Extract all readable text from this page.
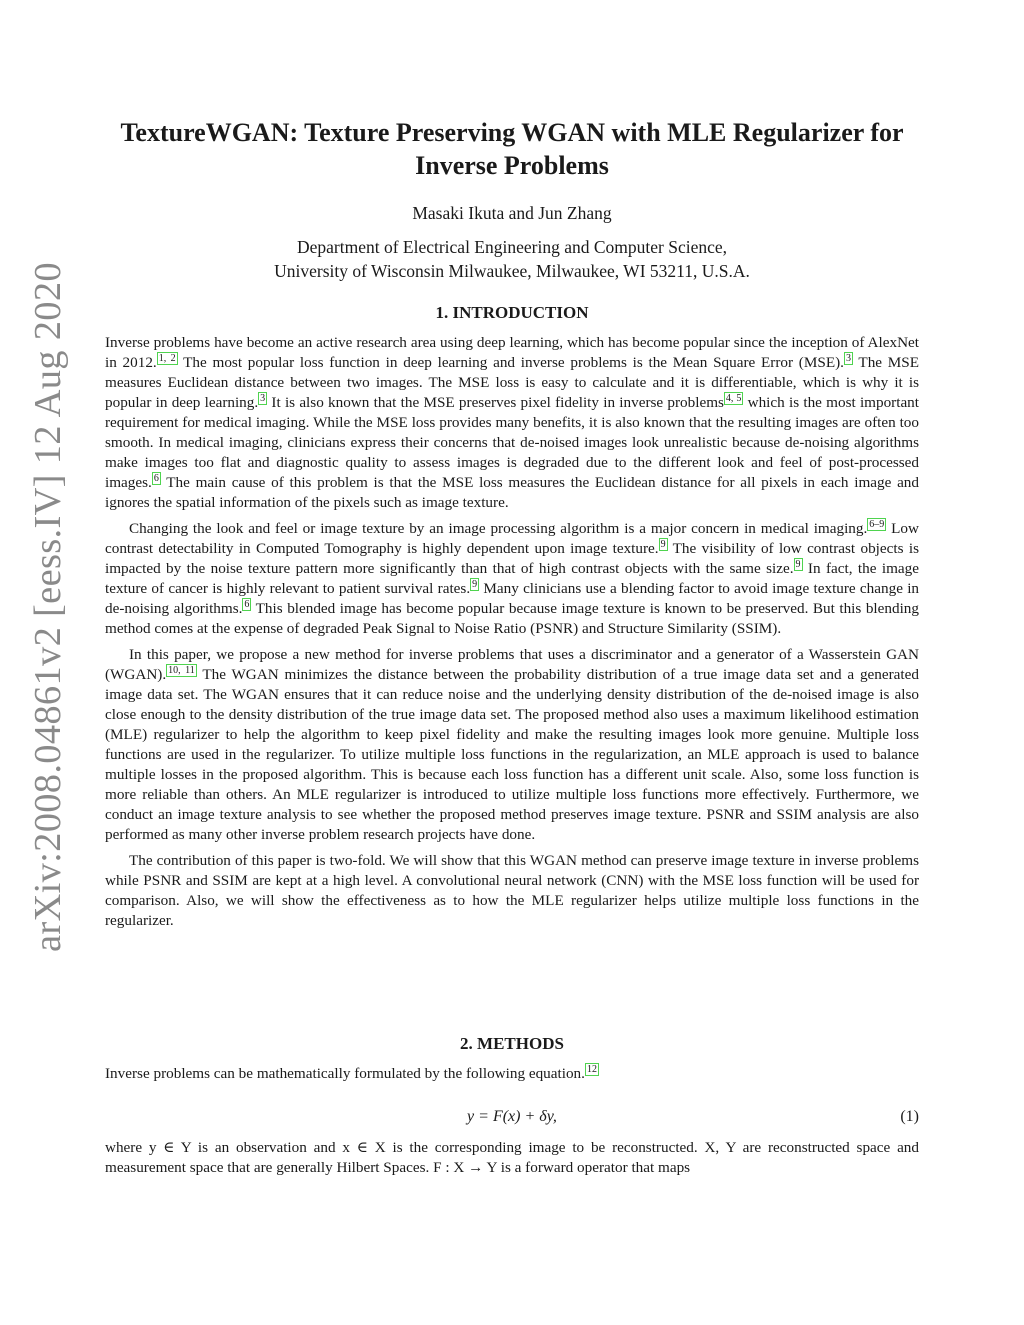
arXiv:2008.04861v2 [eess.IV] 12 Aug 2020
TextureWGAN: Texture Preserving WGAN with MLE Regularizer for Inverse Problems
Masaki Ikuta and Jun Zhang
Department of Electrical Engineering and Computer Science,
University of Wisconsin Milwaukee, Milwaukee, WI 53211, U.S.A.
1. INTRODUCTION

Inverse problems have become an active research area using deep learning, which has become popular since the inception of AlexNet in 2012. $^{1, 2}$ The most popular loss function in deep learning and inverse problems is the Mean Square Error (MSE). $^3$ The MSE measures Euclidean distance between two images. The MSE loss is easy to calculate and it is differentiable, which is why it is popular in deep learning. $^3$ It is also known that the MSE preserves pixel fidelity in inverse problems $^{4, 5}$ which is the most important requirement for medical imaging. While the MSE loss provides many benefits, it is also known that the resulting images are often too smooth. In medical imaging, clinicians express their concerns that de-noised images look unrealistic because de-noising algorithms make images too flat and diagnostic quality to assess images is degraded due to the different look and feel of post-processed images. $^6$ The main cause of this problem is that the MSE loss measures the Euclidean distance for all pixels in each image and ignores the spatial information of the pixels such as image texture.

Changing the look and feel or image texture by an image processing algorithm is a major concern in medical imaging. $^{6-9}$ Low contrast detectability in Computed Tomography is highly dependent upon image texture. $^9$ The visibility of low contrast objects is impacted by the noise texture pattern more significantly than that of high contrast objects with the same size. $^9$ In fact, the image texture of cancer is highly relevant to patient survival rates. $^9$ Many clinicians use a blending factor to avoid image texture change in de-noising algorithms. $^6$ This blended image has become popular because image texture is known to be preserved. But this blending method comes at the expense of degraded Peak Signal to Noise Ratio (PSNR) and Structure Similarity (SSIM).

In this paper, we propose a new method for inverse problems that uses a discriminator and a generator of a Wasserstein GAN (WGAN). $^{10, 11}$ The WGAN minimizes the distance between the probability distribution of a true image data set and a generated image data set. The WGAN ensures that it can reduce noise and the underlying density distribution of the de-noised image is also close enough to the density distribution of the true image data set. The proposed method also uses a maximum likelihood estimation (MLE) regularizer to help the algorithm to keep pixel fidelity and make the resulting images look more genuine. Multiple loss functions are used in the regularizer. To utilize multiple loss functions in the regularization, an MLE approach is used to balance multiple losses in the proposed algorithm. This is because each loss function has a different unit scale. Also, some loss function is more reliable than others. An MLE regularizer is introduced to utilize multiple loss functions more effectively. Furthermore, we conduct an image texture analysis to see whether the proposed method preserves image texture. PSNR and SSIM analysis are also performed as many other inverse problem research projects have done.

The contribution of this paper is two-fold. We will show that this WGAN method can preserve image texture in inverse problems while PSNR and SSIM are kept at a high level. A convolutional neural network (CNN) with the MSE loss function will be used for comparison. Also, we will show the effectiveness as to how the MLE regularizer helps utilize multiple loss functions in the regularizer.

2. METHODS

Inverse problems can be mathematically formulated by the following equation. $^{12}$

y = F(x) + δy,	(1)
where y ∈ Y is an observation and x ∈ X is the corresponding image to be reconstructed. X, Y are reconstructed space and measurement space that are generally Hilbert Spaces. F : X → Y is a forward operator that maps
